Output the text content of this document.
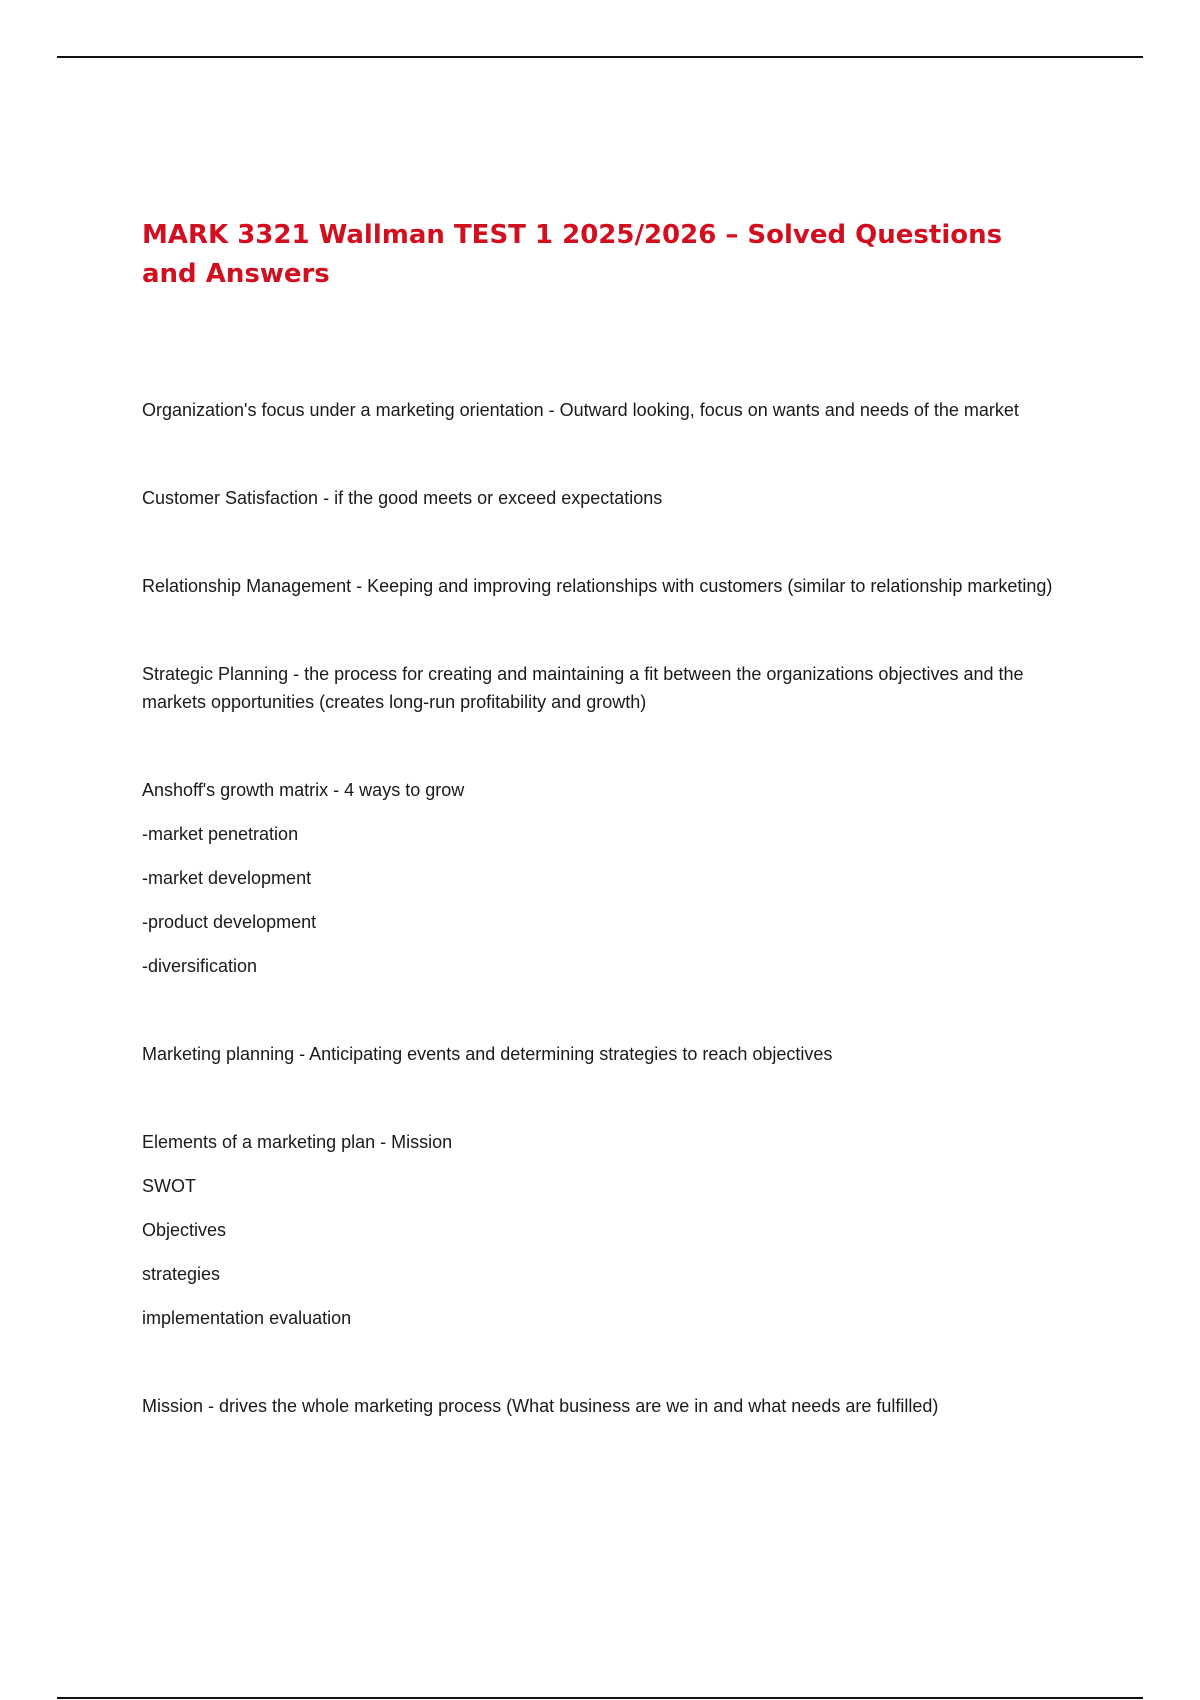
MARK 3321 Wallman TEST 1 2025/2026 – Solved Questions and Answers

Organization's focus under a marketing orientation - Outward looking, focus on wants and needs of the market

Customer Satisfaction - if the good meets or exceed expectations

Relationship Management - Keeping and improving relationships with customers (similar to relationship marketing)

Strategic Planning - the process for creating and maintaining a fit between the organizations objectives and the markets opportunities (creates long-run profitability and growth)

Anshoff's growth matrix - 4 ways to grow

-market penetration

-market development

-product development

-diversification

Marketing planning - Anticipating events and determining strategies to reach objectives

Elements of a marketing plan - Mission

SWOT

Objectives

strategies

implementation evaluation

Mission - drives the whole marketing process (What business are we in and what needs are fulfilled)
